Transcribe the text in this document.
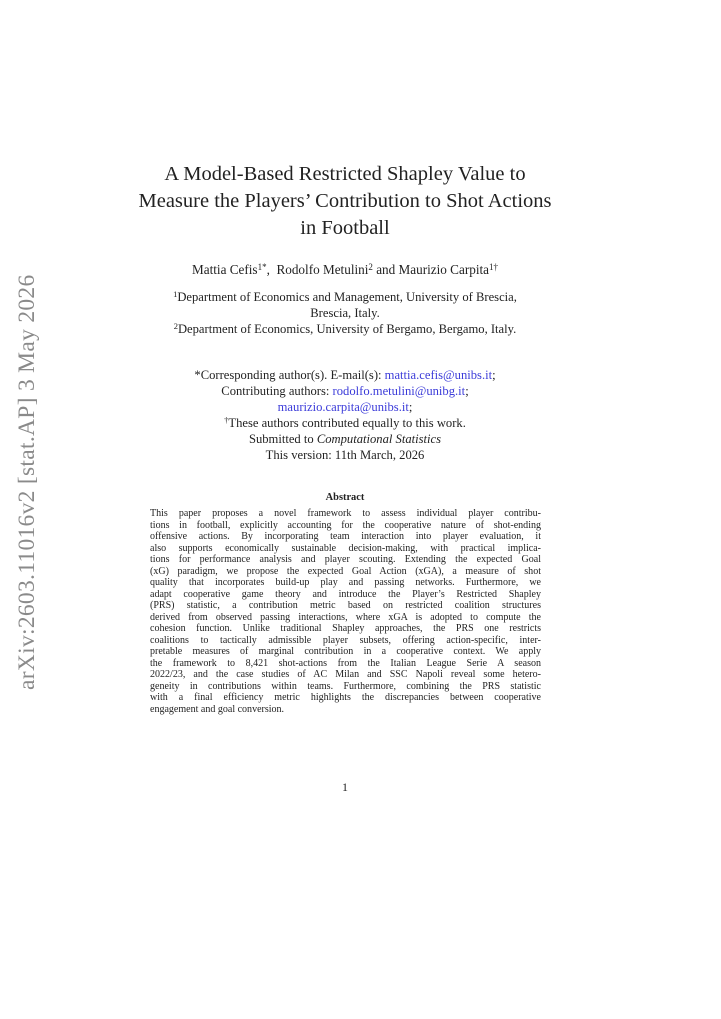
arXiv:2603.11016v2 [stat.AP] 3 May 2026
A Model-Based Restricted Shapley Value to
Measure the Players’ Contribution to Shot Actions
in Football
Mattia Cefis$^{1*}$,  Rodolfo Metulini$^2$ and Maurizio Carpita$^{1\dagger}$
$^1$Department of Economics and Management, University of Brescia,
Brescia, Italy.
$^2$Department of Economics, University of Bergamo, Bergamo, Italy.
*Corresponding author(s). E-mail(s): mattia.cefis@unibs.it;
Contributing authors: rodolfo.metulini@unibg.it;
maurizio.carpita@unibs.it;
†These authors contributed equally to this work.
Submitted to Computational Statistics
This version: 11th March, 2026
Abstract
This paper proposes a novel framework to assess individual player contribu-
tions in football, explicitly accounting for the cooperative nature of shot-ending
offensive actions. By incorporating team interaction into player evaluation, it
also supports economically sustainable decision-making, with practical implica-
tions for performance analysis and player scouting. Extending the expected Goal
(xG) paradigm, we propose the expected Goal Action (xGA), a measure of shot
quality that incorporates build-up play and passing networks. Furthermore, we
adapt cooperative game theory and introduce the Player’s Restricted Shapley
(PRS) statistic, a contribution metric based on restricted coalition structures
derived from observed passing interactions, where xGA is adopted to compute the
cohesion function. Unlike traditional Shapley approaches, the PRS one restricts
coalitions to tactically admissible player subsets, offering action-specific, inter-
pretable measures of marginal contribution in a cooperative context. We apply
the framework to 8,421 shot-actions from the Italian League Serie A season
2022/23, and the case studies of AC Milan and SSC Napoli reveal some hetero-
geneity in contributions within teams. Furthermore, combining the PRS statistic
with a final efficiency metric highlights the discrepancies between cooperative
engagement and goal conversion.
1
